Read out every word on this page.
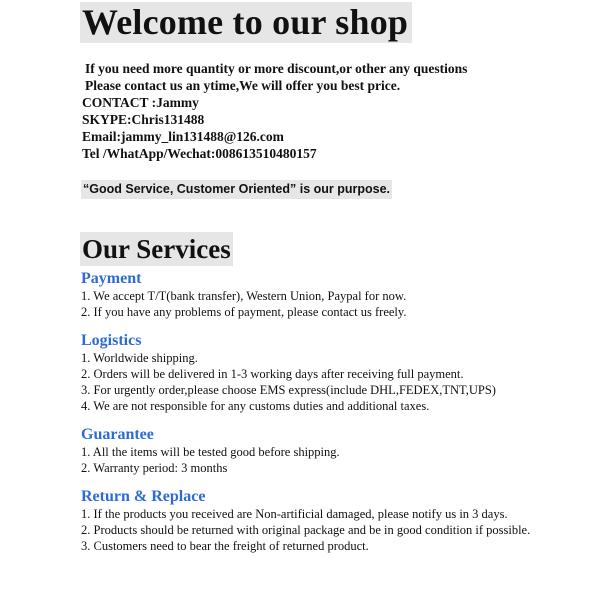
Welcome to our shop
If you need more quantity or more discount,or other any questions
Please contact us an ytime,We will offer you best price.
CONTACT :Jammy
SKYPE:Chris131488
Email:jammy_lin131488@126.com
Tel /WhatApp/Wechat:008613510480157
“Good Service, Customer Oriented” is our purpose.
Our Services
Payment
1. We accept T/T(bank transfer), Western Union, Paypal for now.
2. If you have any problems of payment, please contact us freely.
Logistics
1. Worldwide shipping.
2. Orders will be delivered in 1-3 working days after receiving full payment.
3. For urgently order,please choose EMS express(include DHL,FEDEX,TNT,UPS)
4. We are not responsible for any customs duties and additional taxes.
Guarantee
1. All the items will be tested good before shipping.
2. Warranty period: 3 months
Return & Replace
1. If the products you received are Non-artificial damaged, please notify us in 3 days.
2. Products should be returned with original package and be in good condition if possible.
3. Customers need to bear the freight of returned product.
